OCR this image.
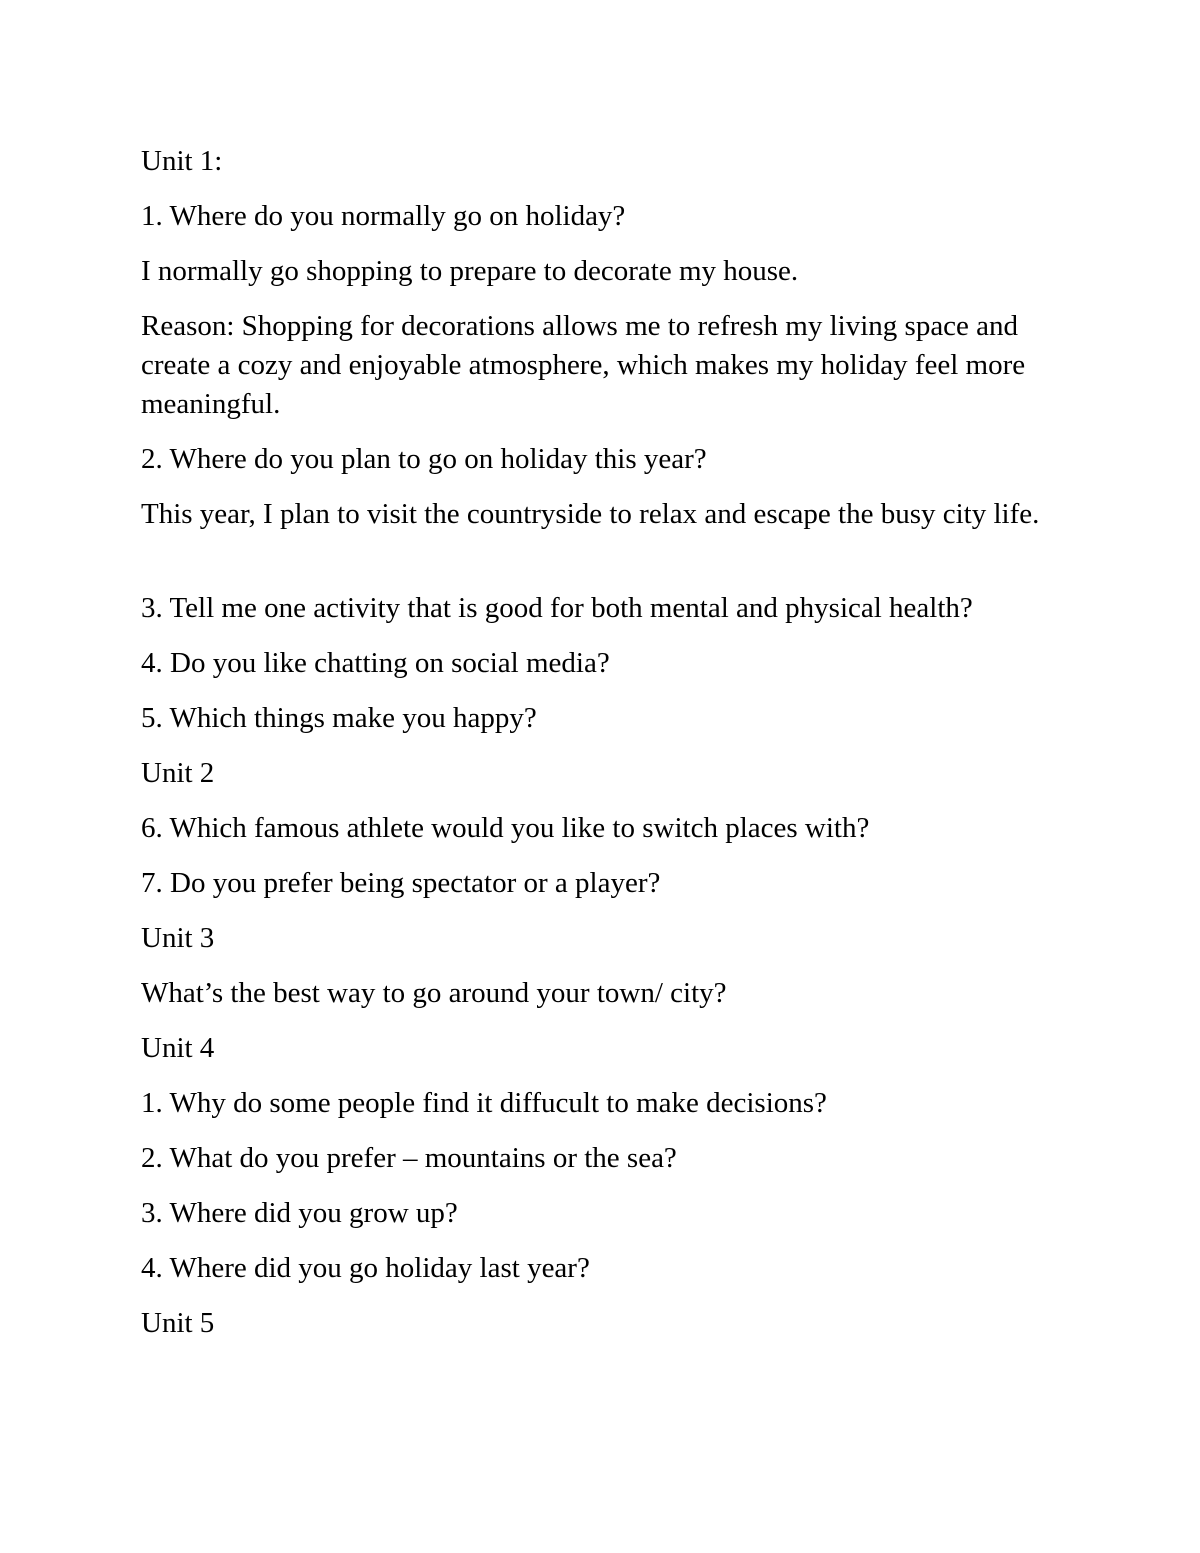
Unit 1:

1. Where do you normally go on holiday?

I normally go shopping to prepare to decorate my house.

Reason: Shopping for decorations allows me to refresh my living space and create a cozy and enjoyable atmosphere, which makes my holiday feel more meaningful.

2. Where do you plan to go on holiday this year?

This year, I plan to visit the countryside to relax and escape the busy city life.

3. Tell me one activity that is good for both mental and physical health?

4. Do you like chatting on social media?

5. Which things make you happy?

Unit 2

6. Which famous athlete would you like to switch places with?

7. Do you prefer being spectator or a player?

Unit 3

What’s the best way to go around your town/ city?

Unit 4

1. Why do some people find it diffucult to make decisions?

2. What do you prefer – mountains or the sea?

3. Where did you grow up?

4. Where did you go holiday last year?

Unit 5
